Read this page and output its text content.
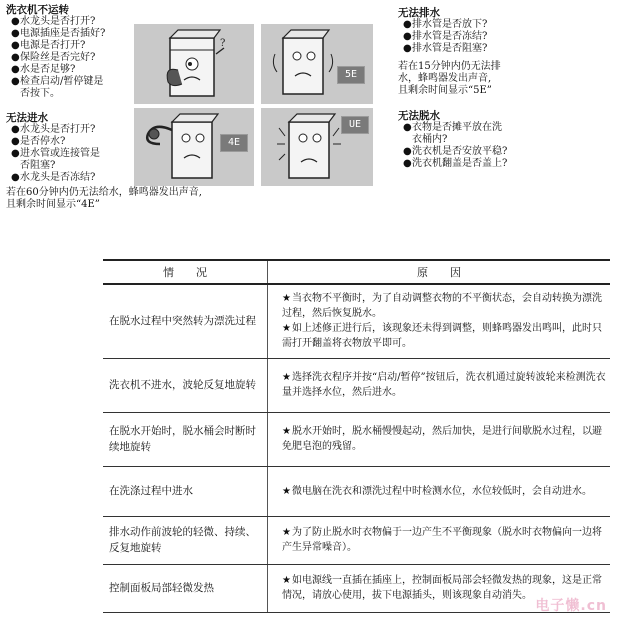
洗衣机不运转
●水龙头是否打开?
●电源插座是否插好?
●电源是否打开?
●保险丝是否完好?
●水是否足够?
●检查启动/暂停键是
否按下。
无法进水
●水龙头是否打开?
●是否停水?
●进水管或连接管是
否阻塞?
●水龙头是否冻结?
若在60分钟内仍无法给水，蜂鸣器发出声音,
且剩余时间显示“4E”
无法排水
●排水管是否放下?
●排水管是否冻结?
●排水管是否阻塞?
若在15分钟内仍无法排
水，蜂鸣器发出声音,
且剩余时间显示“5E”
无法脱水
●衣物是否摊平放在洗
衣桶内?
●洗衣机是否安放平稳?
●洗衣机翻盖是否盖上?
?
5E
4E
UE
情　　况	原　　因
在脱水过程中突然转为漂洗过程	★当衣物不平衡时，为了自动调整衣物的不平衡状态，会自动转换为漂洗过程，然后恢复脱水。
★如上述修正进行后，该现象还未得到调整，则蜂鸣器发出鸣叫，此时只需打开翻盖将衣物放平即可。

洗衣机不进水，波轮反复地旋转	★选择洗衣程序并按“启动/暂停”按钮后，洗衣机通过旋转波轮来检测洗衣量并选择水位，然后进水。

在脱水开始时，脱水桶会时断时续地旋转	★脱水开始时，脱水桶慢慢起动，然后加快，是进行间歇脱水过程，以避免肥皂泡的残留。

在洗涤过程中进水	★微电脑在洗衣和漂洗过程中时检测水位，水位较低时，会自动进水。

排水动作前波轮的轻微、持续、反复地旋转	★为了防止脱水时衣物偏于一边产生不平衡现象（脱水时衣物偏向一边将产生异常噪音）。

控制面板局部轻微发热	★如电源线一直插在插座上，控制面板局部会轻微发热的现象，这是正常情况，请放心使用，拔下电源插头，则该现象自动消失。
电子懒.cn
